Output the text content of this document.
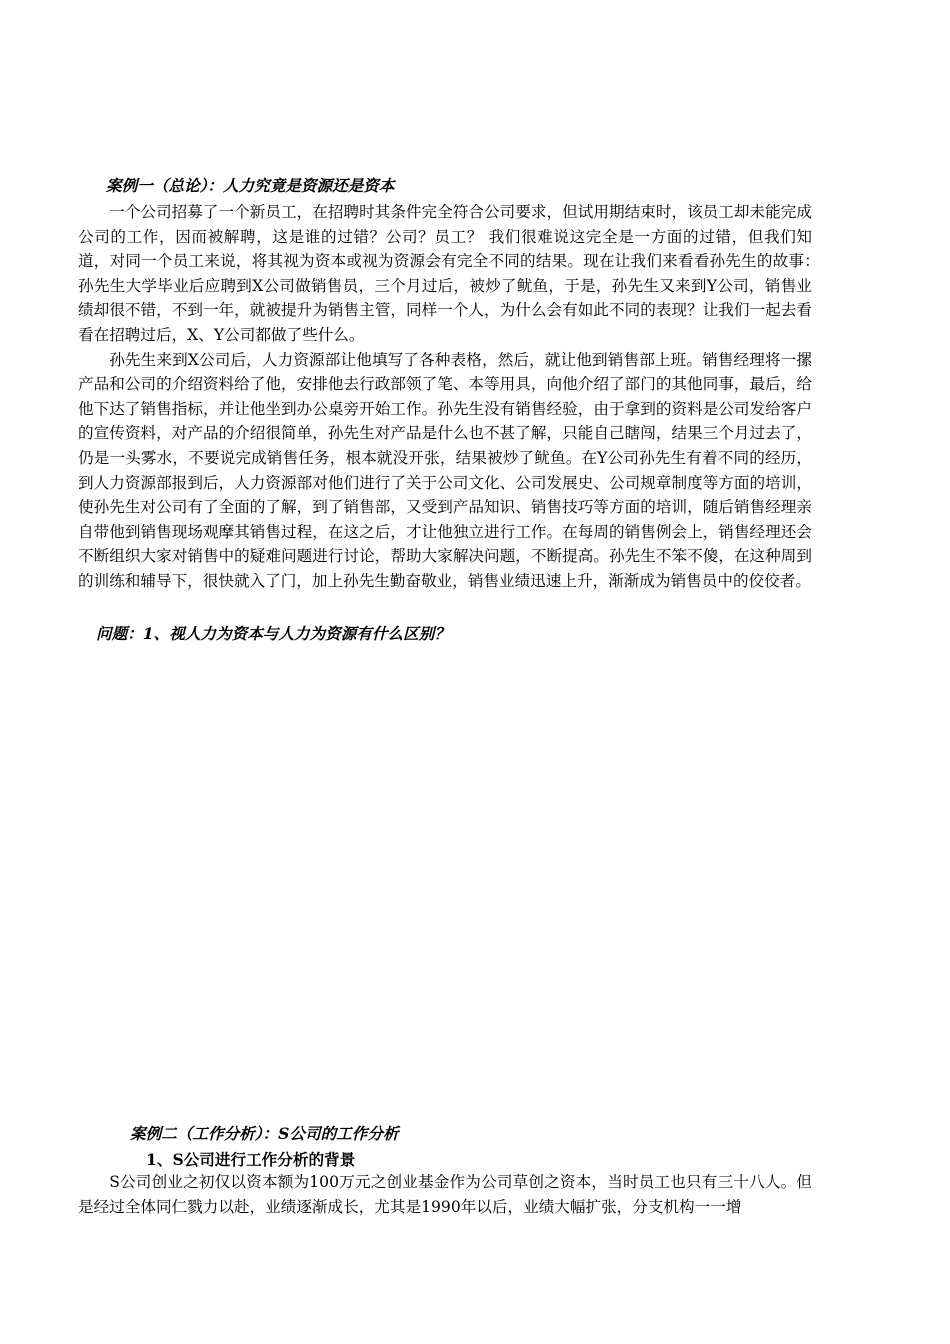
案例一（总论）：人力究竟是资源还是资本

一个公司招募了一个新员工，在招聘时其条件完全符合公司要求，但试用期结束时，该员工却未能完成公司的工作，因而被解聘，这是谁的过错？公司？员工？ 我们很难说这完全是一方面的过错，但我们知道，对同一个员工来说，将其视为资本或视为资源会有完全不同的结果。现在让我们来看看孙先生的故事：　孙先生大学毕业后应聘到X公司做销售员，三个月过后，被炒了鱿鱼，于是，孙先生又来到Y公司，销售业绩却很不错，不到一年，就被提升为销售主管，同样一个人，为什么会有如此不同的表现？让我们一起去看看在招聘过后，X、Y公司都做了些什么。

孙先生来到X公司后，人力资源部让他填写了各种表格，然后，就让他到销售部上班。销售经理将一摞产品和公司的介绍资料给了他，安排他去行政部领了笔、本等用具，向他介绍了部门的其他同事，最后，给他下达了销售指标，并让他坐到办公桌旁开始工作。孙先生没有销售经验，由于拿到的资料是公司发给客户的宣传资料，对产品的介绍很简单，孙先生对产品是什么也不甚了解，只能自己瞎闯，结果三个月过去了，仍是一头雾水，不要说完成销售任务，根本就没开张，结果被炒了鱿鱼。在Y公司孙先生有着不同的经历，到人力资源部报到后，人力资源部对他们进行了关于公司文化、公司发展史、公司规章制度等方面的培训，使孙先生对公司有了全面的了解，到了销售部，又受到产品知识、销售技巧等方面的培训，随后销售经理亲自带他到销售现场观摩其销售过程，在这之后，才让他独立进行工作。在每周的销售例会上，销售经理还会不断组织大家对销售中的疑难问题进行讨论，帮助大家解决问题，不断提高。孙先生不笨不傻，在这种周到的训练和辅导下，很快就入了门，加上孙先生勤奋敬业，销售业绩迅速上升，渐渐成为销售员中的佼佼者。

问题：1、视人力为资本与人力为资源有什么区别？
案例二（工作分析）：S公司的工作分析
1、S公司进行工作分析的背景

S公司创业之初仅以资本额为100万元之创业基金作为公司草创之资本，当时员工也只有三十八人。但是经过全体同仁戮力以赴，业绩逐渐成长，尤其是1990年以后，业绩大幅扩张，分支机构一一增
